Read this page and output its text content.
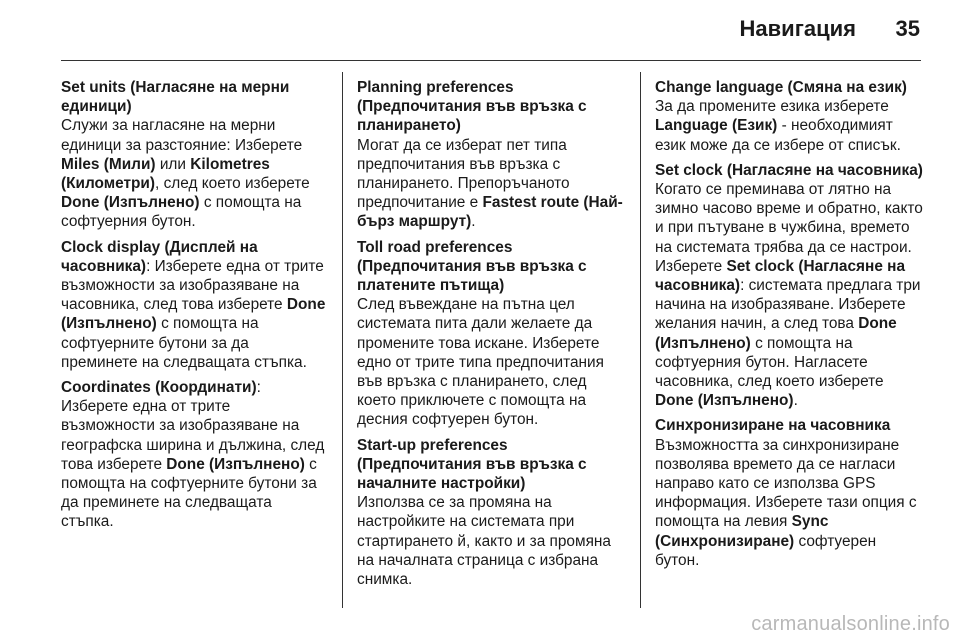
Навигация 35
Set units (Нагласяне на мерни единици)
Служи за нагласяне на мерни единици за разстояние: Изберете Miles (Мили) или Kilometres (Километри), след което изберете Done (Изпълнено) с помощта на софтуерния бутон.
Clock display (Дисплей на часовника): Изберете една от трите възможности за изобразяване на часовника, след това изберете Done (Изпълнено) с помощта на софтуерните бутони за да преминете на следващата стъпка.
Coordinates (Координати): Изберете една от трите възможности за изобразяване на географска ширина и дължина, след това изберете Done (Изпълнено) с помощта на софтуерните бутони за да преминете на следващата стъпка.
Planning preferences (Предпочитания във връзка с планирането)
Могат да се изберат пет типа предпочитания във връзка с планирането. Препоръчаното предпочитание е Fastest route (Най-бърз маршрут).
Toll road preferences (Предпочитания във връзка с платените пътища)
След въвеждане на пътна цел системата пита дали желаете да промените това искане. Изберете едно от трите типа предпочитания във връзка с планирането, след което приключете с помощта на десния софтуерен бутон.
Start-up preferences (Предпочитания във връзка с началните настройки)
Използва се за промяна на настройките на системата при стартирането й, както и за промяна на началната страница с избрана снимка.
Change language (Смяна на език)
За да промените езика изберете Language (Език) - необходимият език може да се избере от списък.
Set clock (Нагласяне на часовника)
Когато се преминава от лятно на зимно часово време и обратно, както и при пътуване в чужбина, времето на системата трябва да се настрои. Изберете Set clock (Нагласяне на часовника): системата предлага три начина на изобразяване. Изберете желания начин, а след това Done (Изпълнено) с помощта на софтуерния бутон. Нагласете часовника, след което изберете Done (Изпълнено).
Синхронизиране на часовника
Възможността за синхронизиране позволява времето да се нагласи направо като се използва GPS информация. Изберете тази опция с помощта на левия Sync (Синхронизиране) софтуерен бутон.
carmanualsonline.info
